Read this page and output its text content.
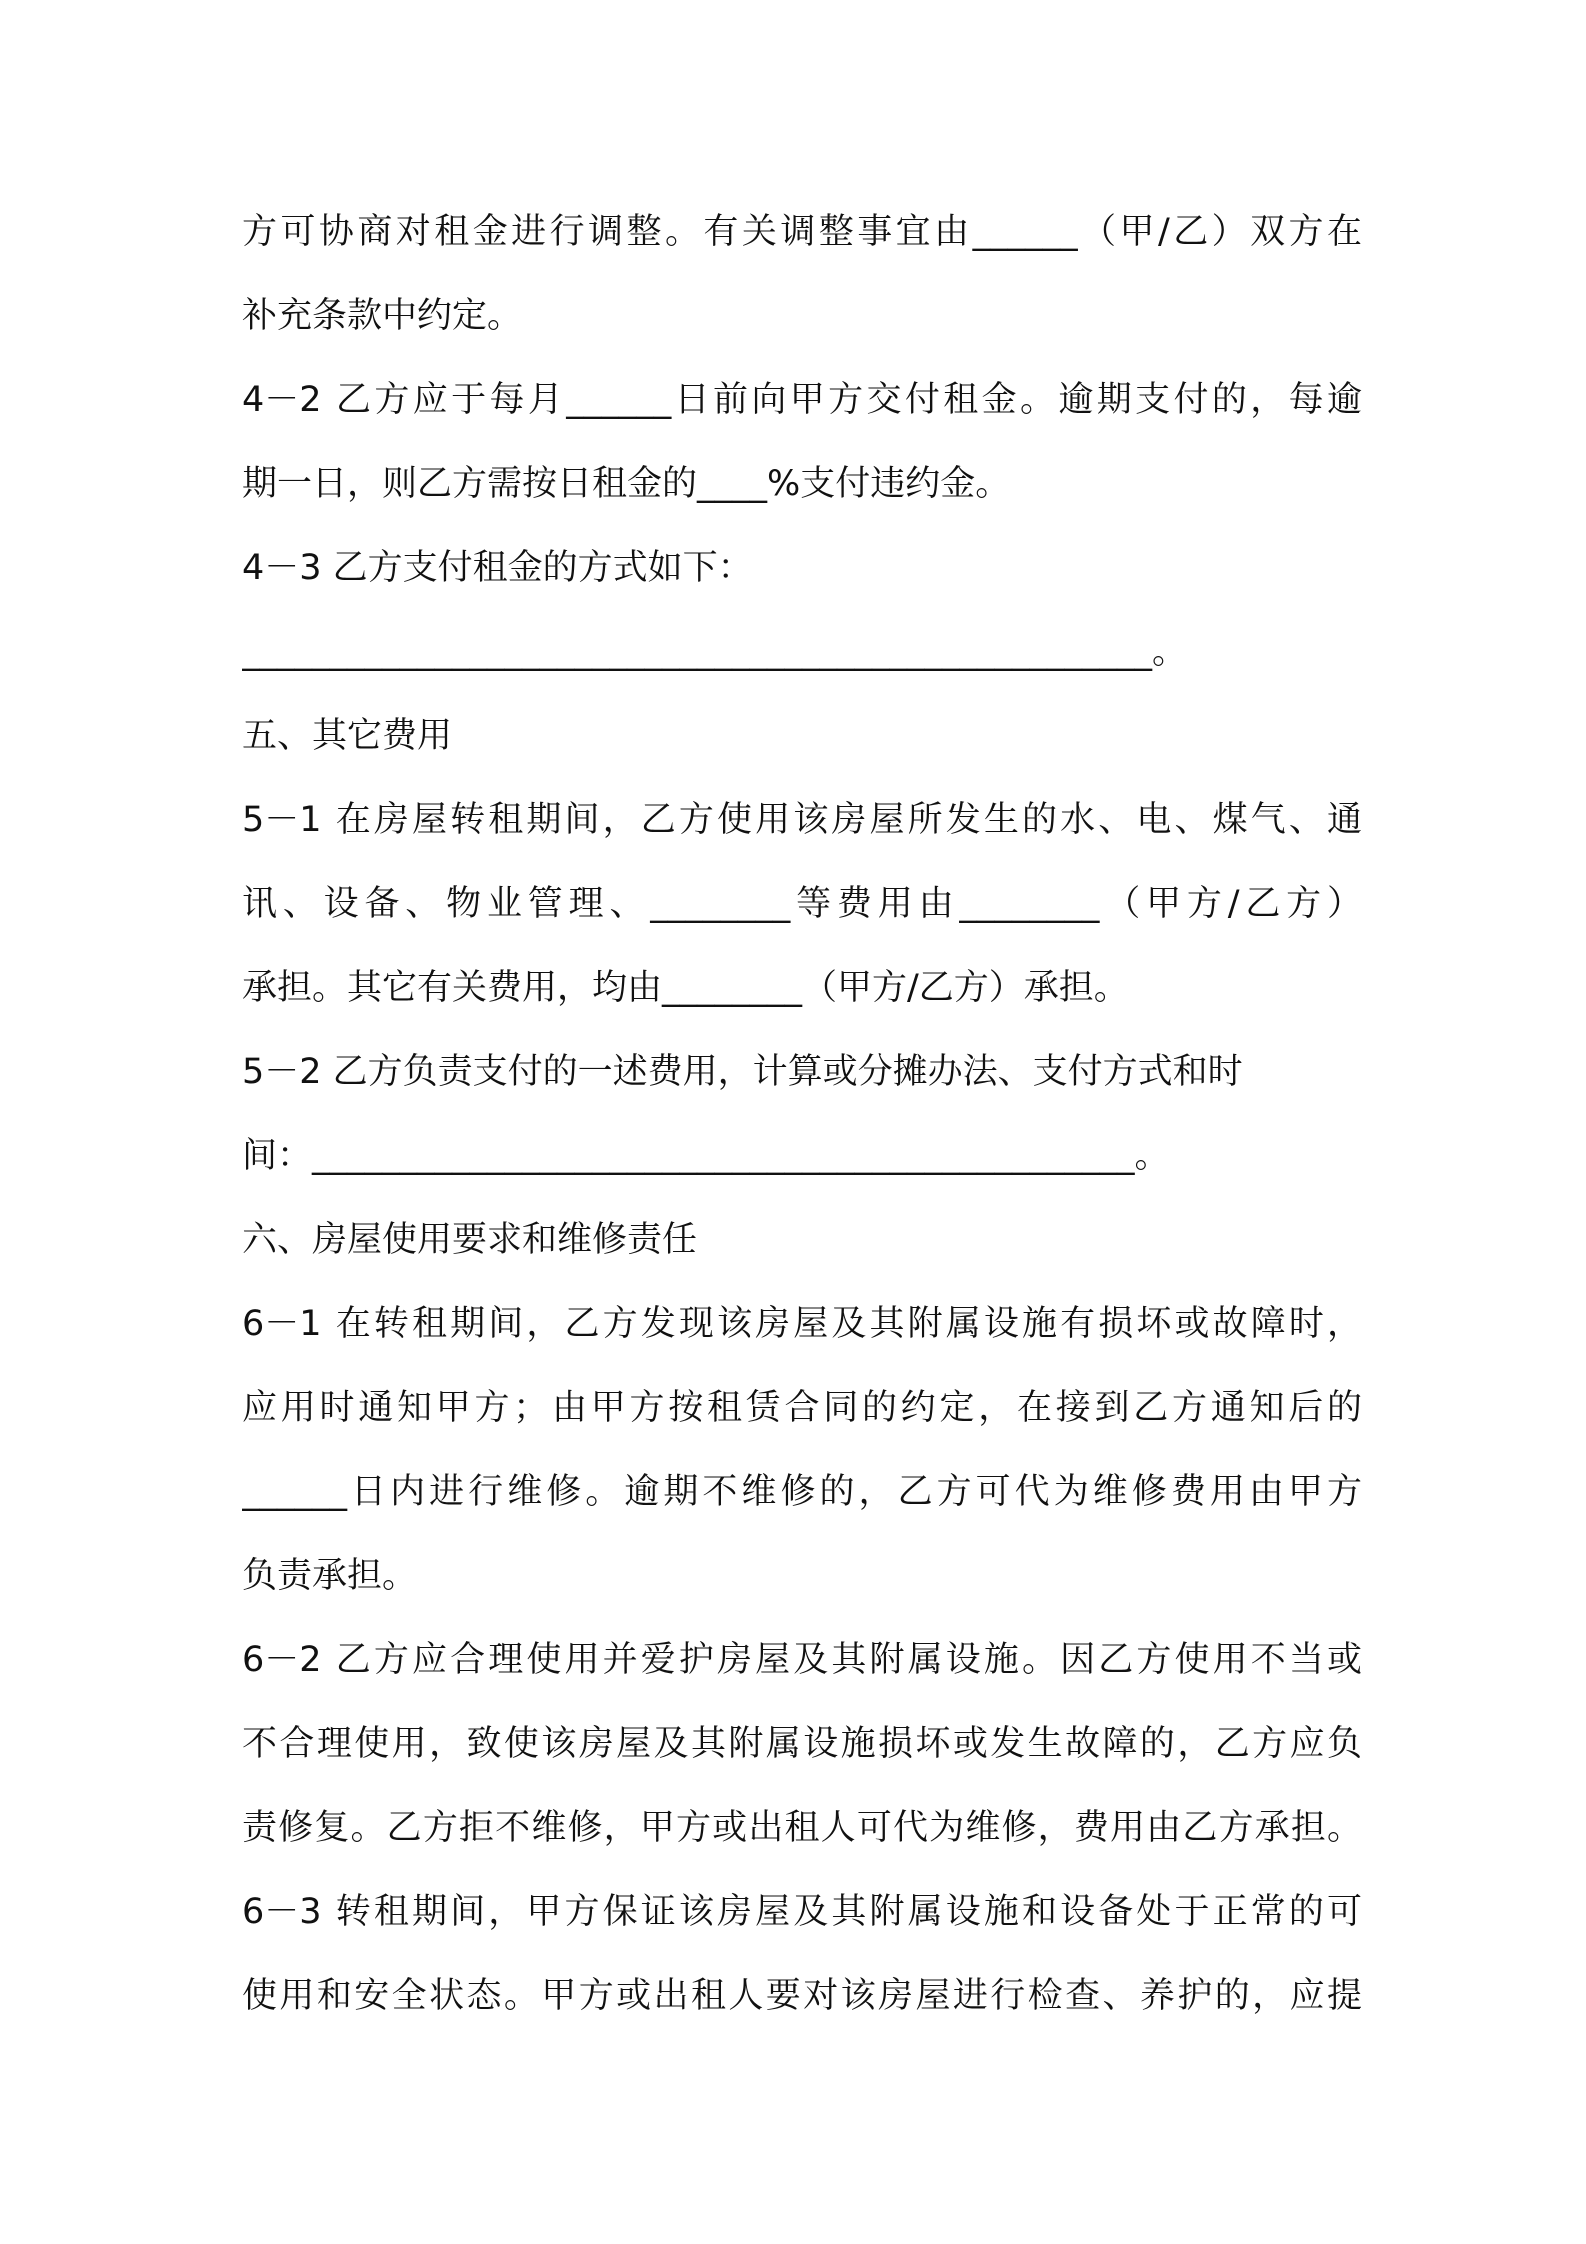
方可协商对租金进行调整。有关调整事宜由______（甲/乙）双方在
补充条款中约定。
4－2 乙方应于每月______日前向甲方交付租金。逾期支付的，每逾
期一日，则乙方需按日租金的____%支付违约金。
4－3 乙方支付租金的方式如下：
____________________________________________________。
五、其它费用
5－1 在房屋转租期间，乙方使用该房屋所发生的水、电、煤气、通
讯、设备、物业管理、________等费用由________（甲方/乙方）
承担。其它有关费用，均由________（甲方/乙方）承担。
5－2 乙方负责支付的一述费用，计算或分摊办法、支付方式和时
间：_______________________________________________。
六、房屋使用要求和维修责任
6－1 在转租期间，乙方发现该房屋及其附属设施有损坏或故障时，
应用时通知甲方；由甲方按租赁合同的约定，在接到乙方通知后的
______日内进行维修。逾期不维修的，乙方可代为维修费用由甲方
负责承担。
6－2 乙方应合理使用并爱护房屋及其附属设施。因乙方使用不当或
不合理使用，致使该房屋及其附属设施损坏或发生故障的，乙方应负
责修复。乙方拒不维修，甲方或出租人可代为维修，费用由乙方承担。
6－3 转租期间，甲方保证该房屋及其附属设施和设备处于正常的可
使用和安全状态。甲方或出租人要对该房屋进行检查、养护的，应提
